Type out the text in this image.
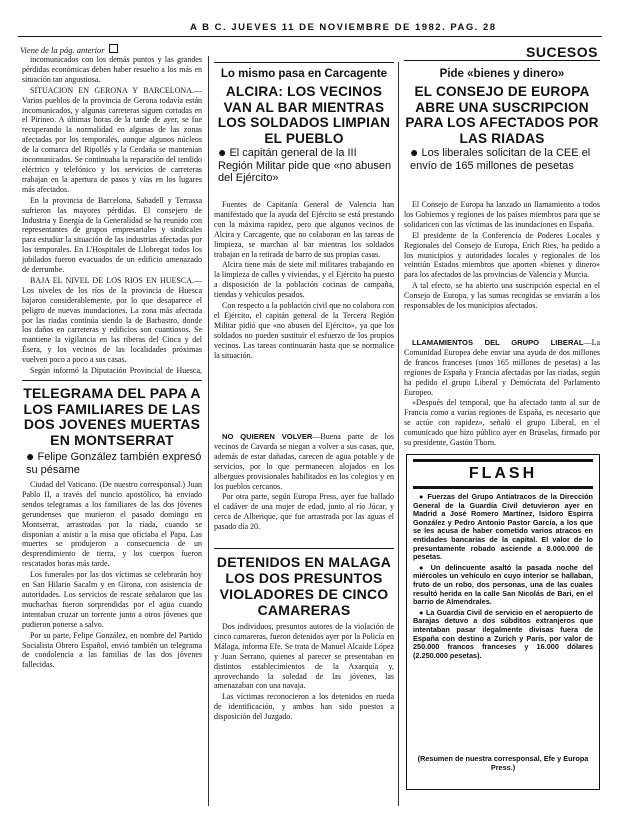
A B C. JUEVES 11 DE NOVIEMBRE DE 1982. PAG. 28
Viene de la pág. anterior	SUCESOS

incomunicados con los demás puntos y las grandes pérdidas económicas deben haber resuelto a los más en situación tan angustiosa.

SITUACION EN GERONA Y BARCELONA.—Varios pueblos de la provincia de Gerona todavía están incomunicados, y algunas carreteras siguen cortadas en el Pirineo. A últimas horas de la tarde de ayer, se fue recuperando la normalidad en algunas de las zonas afectadas por los temporales, aunque algunos núcleos de la comarca del Ripollés y la Cerdaña se mantenían incomunicados. Se continuaba la reparación del tendido eléctrico y telefónico y los servicios de carreteras trabajan en la apertura de pasos y vías en los lugares más afectados.

En la provincia de Barcelona, Sabadell y Terrassa sufrieron las mayores pérdidas. El consejero de Industria y Energía de la Generalidad se ha reunido con representantes de grupos empresariales y sindicales para estudiar la situación de las industrias afectadas por los temporales. En L'Hospitalet de Llobregat todos los jubilados fueron evacuados de un edificio amenazado de derrumbe.

BAJA EL NIVEL DE LOS RIOS EN HUESCA.—Los niveles de los ríos de la provincia de Huesca bajaron considerablemente, por lo que desaparece el peligro de nuevas inundaciones. La zona más afectada por las riadas continúa siendo la de Barbastro, donde los daños en carreteras y edificios son cuantiosos. Se mantiene la vigilancia en las riberas del Cinca y del Ésera, y los vecinos de las localidades próximas vuelven poco a poco a sus casas.

Según informó la Diputación Provincial de Huesca,

TELEGRAMA DEL PAPA A LOS FAMILIARES DE LAS DOS JOVENES MUERTAS EN MONTSERRAT
● Felipe González también expresó su pésame

Ciudad del Vaticano. (De nuestro corresponsal.) Juan Pablo II, a través del nuncio apostólico, ha enviado sendos telegramas a los familiares de las dos jóvenes gerundenses que murieron el pasado domingo en Montserrat, arrastradas por la riada, cuando se disponían a asistir a la misa que oficiaba el Papa. Las muertes se produjeron a consecuencia de un desprendimiento de tierra, y los cuerpos fueron rescatados horas más tarde.

Los funerales por las dos víctimas se celebrarán hoy en San Hilario Sacalm y en Girona, con asistencia de autoridades. Los servicios de rescate señalaron que las muchachas fueron sorprendidas por el agua cuando intentaban cruzar un torrente junto a otros jóvenes que pudieron ponerse a salvo.

Por su parte, Felipe González, en nombre del Partido Socialista Obrero Español, envió también un telegrama de condolencia a las familias de las dos jóvenes fallecidas.

Lo mismo pasa en Carcagente
ALCIRA: LOS VECINOS VAN AL BAR MIENTRAS LOS SOLDADOS LIMPIAN EL PUEBLO
● El capitán general de la III Región Militar pide que «no abusen del Ejército»

Fuentes de Capitanía General de Valencia han manifestado que la ayuda del Ejército se está prestando con la máxima rapidez, pero que algunos vecinos de Alcira y Carcagente, que no colaboran en las tareas de limpieza, se marchan al bar mientras los soldados trabajan en la retirada de barro de sus propias casas.

Alcira tiene más de siete mil militares trabajando en la limpieza de calles y viviendas, y el Ejército ha puesto a disposición de la población cocinas de campaña, tiendas y vehículos pesados.

Con respecto a la población civil que no colabora con el Ejército, el capitán general de la Tercera Región Militar pidió que «no abusen del Ejército», ya que los soldados no pueden sustituir el esfuerzo de los propios vecinos. Las tareas continuarán hasta que se normalice la situación.

NO QUIEREN VOLVER—Buena parte de los vecinos de Cavarda se niegan a volver a sus casas, que, además de estar dañadas, carecen de agua potable y de servicios, por lo que permanecen alojados en los albergues provisionales habilitados en los colegios y en los pueblos cercanos.

Por otra parte, según Europa Press, ayer fue hallado el cadáver de una mujer de edad, junto al río Júcar, y cerca de Alberique, que fue arrastrada por las aguas el pasado día 20.

DETENIDOS EN MALAGA LOS DOS PRESUNTOS VIOLADORES DE CINCO CAMARERAS

Dos individuos, presuntos autores de la violación de cinco camareras, fueron detenidos ayer por la Policía en Málaga, informa Efe. Se trata de Manuel Alcaide López y Juan Serrano, quienes al parecer se presentaban en distintos establecimientos de la Axarquía y, aprovechando la soledad de las jóvenes, las amenazaban con una navaja.

Las víctimas reconocieron a los detenidos en rueda de identificación, y ambos han sido puestos a disposición del Juzgado.

Pide «bienes y dinero»
EL CONSEJO DE EUROPA ABRE UNA SUSCRIPCION PARA LOS AFECTADOS POR LAS RIADAS
● Los liberales solicitan de la CEE el envío de 165 millones de pesetas

El Consejo de Europa ha lanzado un llamamiento a todos los Gobiernos y regiones de los países miembros para que se solidaricen con las víctimas de las inundaciones en España.

El presidente de la Conferencia de Poderes Locales y Regionales del Consejo de Europa, Erich Ries, ha pedido a los municipios y autoridades locales y regionales de los veintiún Estados miembros que aporten «bienes y dinero» para los afectados de las provincias de Valencia y Murcia.

A tal efecto, se ha abierto una suscripción especial en el Consejo de Europa, y las sumas recogidas se enviarán a los responsables de los municipios afectados.

LLAMAMIENTOS DEL GRUPO LIBERAL—La Comunidad Europea debe enviar una ayuda de dos millones de francos franceses (unos 165 millones de pesetas) a las regiones de España y Francia afectadas por las riadas, según ha pedido el grupo Liberal y Demócrata del Parlamento Europeo.

«Después del temporal, que ha afectado tanto al sur de Francia como a varias regiones de España, es necesario que se actúe con rapidez», señaló el grupo Liberal, en el comunicado que hizo público ayer en Bruselas, firmado por su presidente, Gastón Thorn.

FLASH

● Fuerzas del Grupo Antiatracos de la Dirección General de la Guardia Civil detuvieron ayer en Madrid a José Romero Martínez, Isidoro Espirra González y Pedro Antonio Pastor García, a los que se les acusa de haber cometido varios atracos en entidades bancarias de la capital. El valor de lo presuntamente robado asciende a 8.000.000 de pesetas.

● Un delincuente asaltó la pasada noche del miércoles un vehículo en cuyo interior se hallaban, fruto de un robo, dos personas, una de las cuales resultó herida en la calle San Nicolás de Bari, en el barrio de Almendrales.

● La Guardia Civil de servicio en el aeropuerto de Barajas detuvo a dos súbditos extranjeros que intentaban pasar ilegalmente divisas fuera de España con destino a Zurich y París, por valor de 250.000 francos franceses y 16.000 dólares (2.250.000 pesetas).

(Resumen de nuestra corresponsal, Efe y Europa Press.)
